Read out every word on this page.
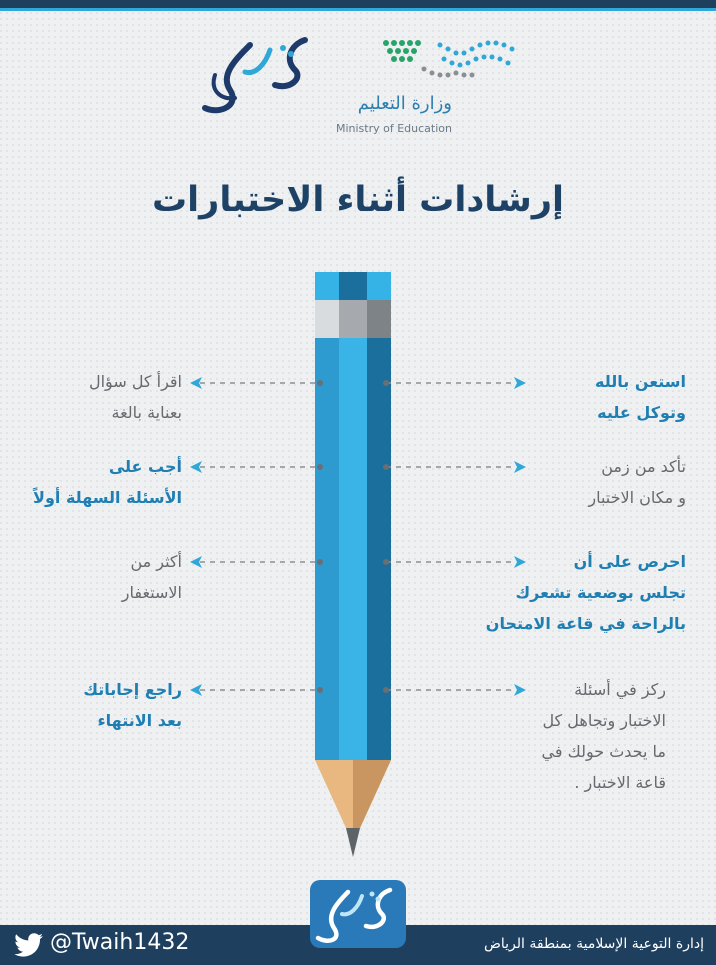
وزارة التعليم
Ministry of Education
إرشادات أثناء الاختبارات
استعن بالله
وتوكل عليه
تأكد من زمن
و مكان الاختبار
احرص على أن
تجلس بوضعية تشعرك
بالراحة في قاعة الامتحان
ركز في أسئلة
الاختبار وتجاهل كل
ما يحدث حولك في
قاعة الاختبار .
اقرأ كل سؤال
بعناية بالغة
أجب على
الأسئلة السهلة أولاً
أكثر من
الاستغفار
راجع إجاباتك
بعد الانتهاء
@Twaih1432	إدارة التوعية الإسلامية بمنطقة الرياض
